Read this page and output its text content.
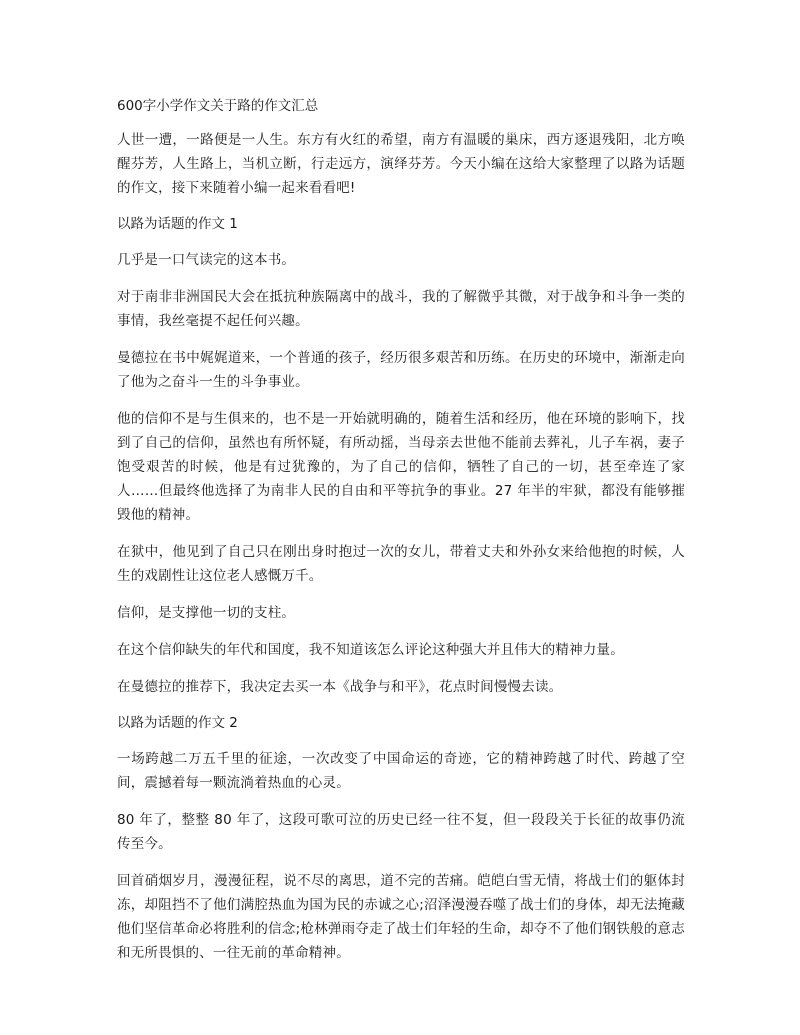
600字小学作文关于路的作文汇总

人世一遭，一路便是一人生。东方有火红的希望，南方有温暖的巢床，西方逐退残阳，北方唤醒芬芳，人生路上，当机立断，行走远方，演绎芬芳。今天小编在这给大家整理了以路为话题的作文，接下来随着小编一起来看看吧!

以路为话题的作文 1

几乎是一口气读完的这本书。

对于南非非洲国民大会在抵抗种族隔离中的战斗，我的了解微乎其微，对于战争和斗争一类的事情，我丝毫提不起任何兴趣。

曼德拉在书中娓娓道来，一个普通的孩子，经历很多艰苦和历练。在历史的环境中，渐渐走向了他为之奋斗一生的斗争事业。

他的信仰不是与生俱来的，也不是一开始就明确的，随着生活和经历，他在环境的影响下，找到了自己的信仰，虽然也有所怀疑，有所动摇，当母亲去世他不能前去葬礼，儿子车祸，妻子饱受艰苦的时候，他是有过犹豫的，为了自己的信仰，牺牲了自己的一切，甚至牵连了家人……但最终他选择了为南非人民的自由和平等抗争的事业。27 年半的牢狱，都没有能够摧毁他的精神。

在狱中，他见到了自己只在刚出身时抱过一次的女儿，带着丈夫和外孙女来给他抱的时候，人生的戏剧性让这位老人感慨万千。

信仰，是支撑他一切的支柱。

在这个信仰缺失的年代和国度，我不知道该怎么评论这种强大并且伟大的精神力量。

在曼德拉的推荐下，我决定去买一本《战争与和平》，花点时间慢慢去读。

以路为话题的作文 2

一场跨越二万五千里的征途，一次改变了中国命运的奇迹，它的精神跨越了时代、跨越了空间，震撼着每一颗流淌着热血的心灵。

80 年了，整整 80 年了，这段可歌可泣的历史已经一往不复，但一段段关于长征的故事仍流传至今。

回首硝烟岁月，漫漫征程，说不尽的离思，道不完的苦痛。皑皑白雪无情，将战士们的躯体封冻，却阻挡不了他们满腔热血为国为民的赤诚之心;沼泽漫漫吞噬了战士们的身体，却无法掩藏他们坚信革命必将胜利的信念;枪林弹雨夺走了战士们年轻的生命，却夺不了他们钢铁般的意志和无所畏惧的、一往无前的革命精神。
